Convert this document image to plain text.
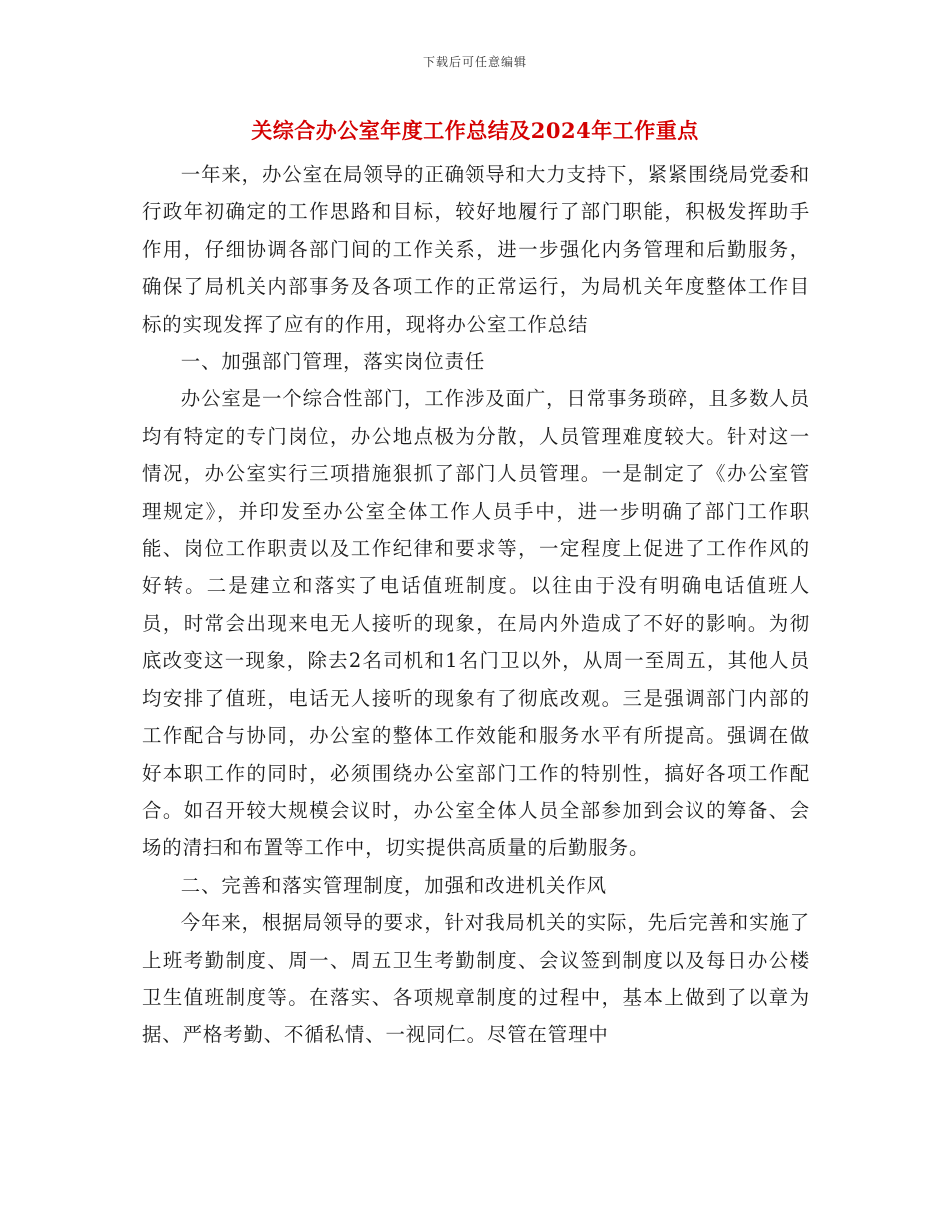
下载后可任意编辑
关综合办公室年度工作总结及2024年工作重点

一年来，办公室在局领导的正确领导和大力支持下，紧紧围绕局党委和行政年初确定的工作思路和目标，较好地履行了部门职能，积极发挥助手作用，仔细协调各部门间的工作关系，进一步强化内务管理和后勤服务，确保了局机关内部事务及各项工作的正常运行，为局机关年度整体工作目标的实现发挥了应有的作用，现将办公室工作总结

一、加强部门管理，落实岗位责任

办公室是一个综合性部门，工作涉及面广，日常事务琐碎，且多数人员均有特定的专门岗位，办公地点极为分散，人员管理难度较大。针对这一情况，办公室实行三项措施狠抓了部门人员管理。一是制定了《办公室管理规定》，并印发至办公室全体工作人员手中，进一步明确了部门工作职能、岗位工作职责以及工作纪律和要求等，一定程度上促进了工作作风的好转。二是建立和落实了电话值班制度。以往由于没有明确电话值班人员，时常会出现来电无人接听的现象，在局内外造成了不好的影响。为彻底改变这一现象，除去2名司机和1名门卫以外，从周一至周五，其他人员均安排了值班，电话无人接听的现象有了彻底改观。三是强调部门内部的工作配合与协同，办公室的整体工作效能和服务水平有所提高。强调在做好本职工作的同时，必须围绕办公室部门工作的特别性，搞好各项工作配合。如召开较大规模会议时，办公室全体人员全部参加到会议的筹备、会场的清扫和布置等工作中，切实提供高质量的后勤服务。

二、完善和落实管理制度，加强和改进机关作风

今年来，根据局领导的要求，针对我局机关的实际，先后完善和实施了上班考勤制度、周一、周五卫生考勤制度、会议签到制度以及每日办公楼卫生值班制度等。在落实、各项规章制度的过程中，基本上做到了以章为据、严格考勤、不循私情、一视同仁。尽管在管理中
